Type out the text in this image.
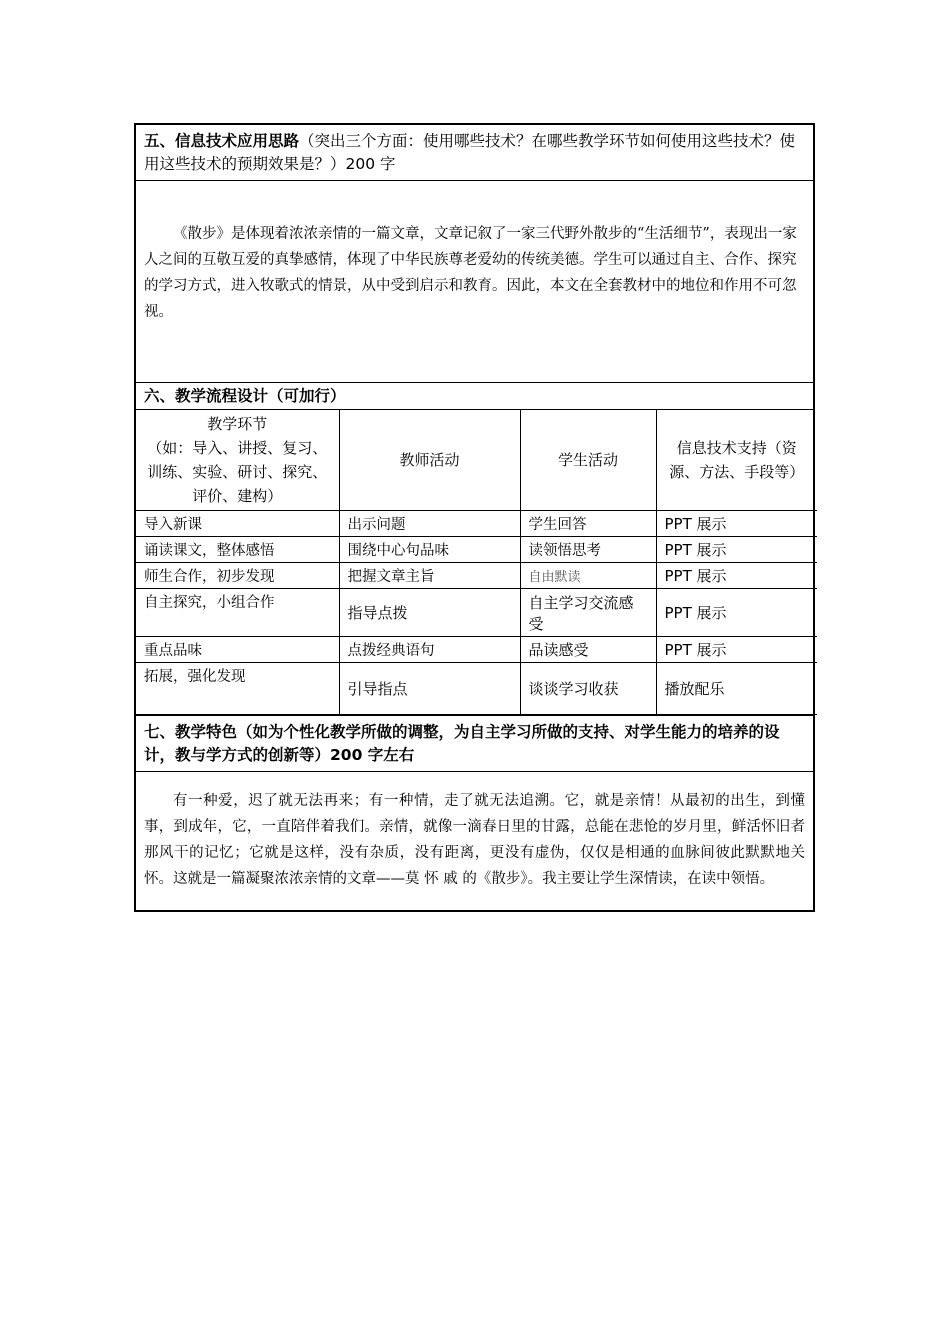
五、信息技术应用思路（突出三个方面：使用哪些技术？在哪些教学环节如何使用这些技术？使用这些技术的预期效果是？）200 字
《散步》是体现着浓浓亲情的一篇文章，文章记叙了一家三代野外散步的“生活细节”，表现出一家人之间的互敬互爱的真挚感情，体现了中华民族尊老爱幼的传统美德。学生可以通过自主、合作、探究的学习方式，进入牧歌式的情景，从中受到启示和教育。因此，本文在全套教材中的地位和作用不可忽视。
六、教学流程设计（可加行）
教学环节
（如：导入、讲授、复习、训练、实验、研讨、探究、评价、建构）	教师活动	学生活动	信息技术支持（资源、方法、手段等）
导入新课	出示问题	学生回答	PPT 展示
诵读课文，整体感悟	围绕中心句品味	读领悟思考	PPT 展示
师生合作，初步发现	把握文章主旨	自由默读	PPT 展示
自主探究，小组合作	指导点拨	自主学习交流感受	PPT 展示
重点品味	点拨经典语句	品读感受	PPT 展示
拓展，强化发现	引导指点	谈谈学习收获	播放配乐
七、教学特色（如为个性化教学所做的调整，为自主学习所做的支持、对学生能力的培养的设计，教与学方式的创新等）200 字左右
有一种爱，迟了就无法再来；有一种情，走了就无法追溯。它，就是亲情！从最初的出生，到懂事，到成年，它，一直陪伴着我们。亲情，就像一滴春日里的甘露，总能在悲怆的岁月里，鲜活怀旧者那风干的记忆；它就是这样，没有杂质，没有距离，更没有虚伪，仅仅是相通的血脉间彼此默默地关怀。这就是一篇凝聚浓浓亲情的文章——莫 怀 戚 的《散步》。我主要让学生深情读，在读中领悟。
